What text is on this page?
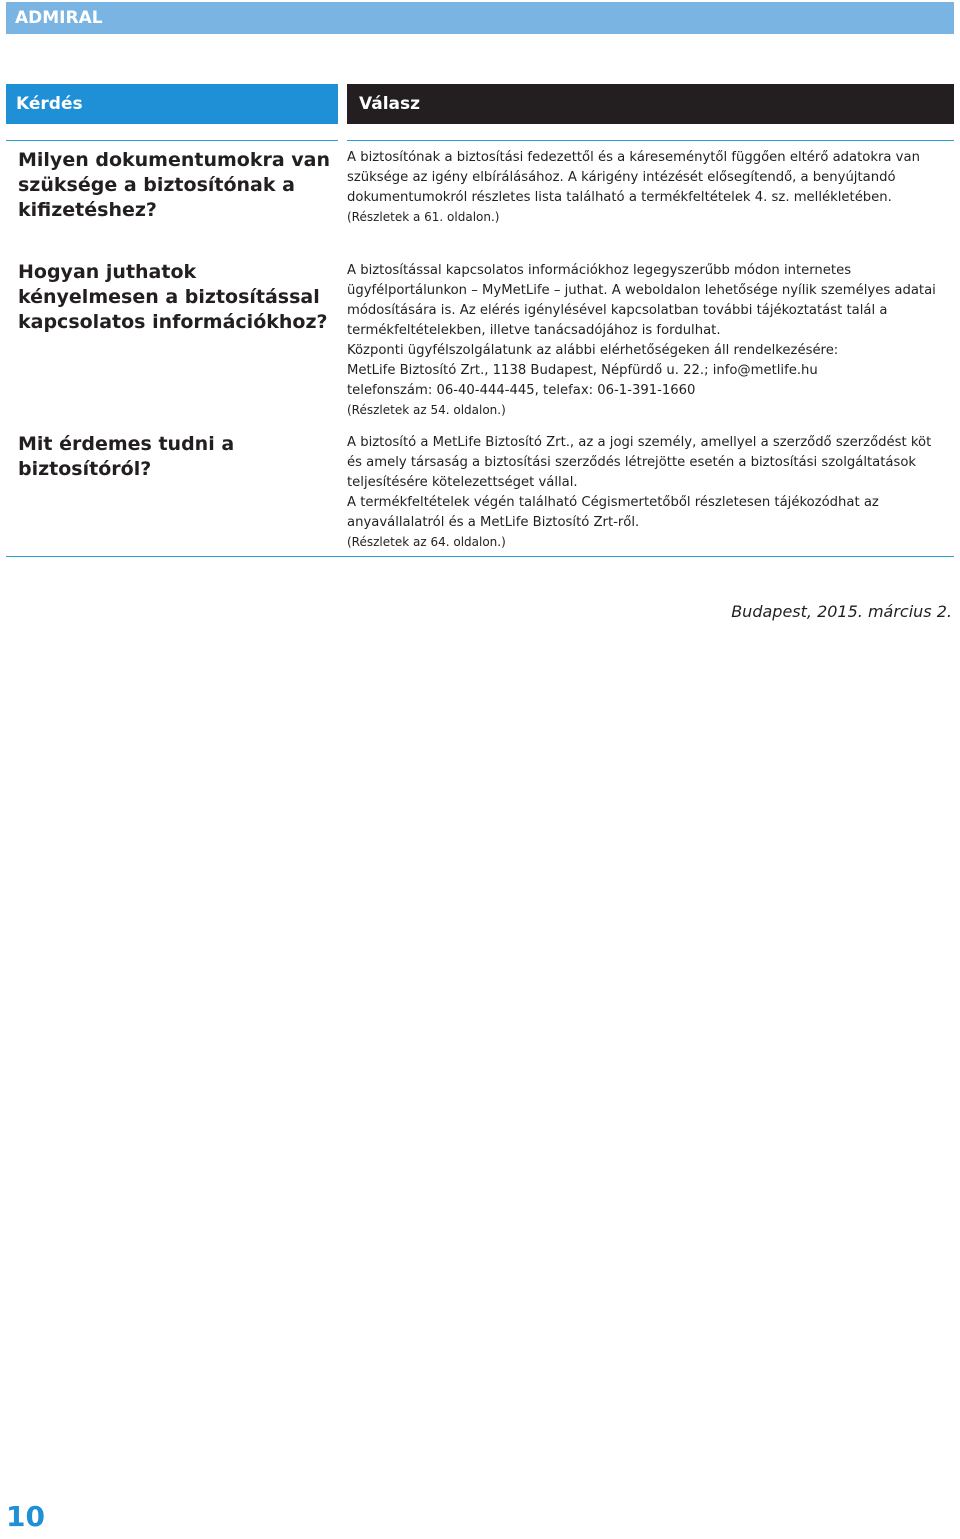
ADMIRAL
Kérdés	Válasz
Milyen dokumentumokra van szüksége a biztosítónak a kifizetéshez?

A biztosítónak a biztosítási fedezettől és a káreseménytől függően eltérő adatokra van szüksége az igény elbírálásához. A kárigény intézését elősegítendő, a benyújtandó dokumentumokról részletes lista található a termékfeltételek 4. sz. mellékletében.

(Részletek a 61. oldalon.)

Hogyan juthatok kényelmesen a biztosítással kapcsolatos információkhoz?

A biztosítással kapcsolatos információkhoz legegyszerűbb módon internetes ügyfélportálunkon – MyMetLife – juthat. A weboldalon lehetősége nyílik személyes adatai módosítására is. Az elérés igénylésével kapcsolatban további tájékoztatást talál a termékfeltételekben, illetve tanácsadójához is fordulhat.

Központi ügyfélszolgálatunk az alábbi elérhetőségeken áll rendelkezésére:

MetLife Biztosító Zrt., 1138 Budapest, Népfürdő u. 22.; info@metlife.hu

telefonszám: 06-40-444-445, telefax: 06-1-391-1660

(Részletek az 54. oldalon.)

Mit érdemes tudni a biztosítóról?

A biztosító a MetLife Biztosító Zrt., az a jogi személy, amellyel a szerződő szerződést köt és amely társaság a biztosítási szerződés létrejötte esetén a biztosítási szolgáltatások teljesítésére kötelezettséget vállal.

A termékfeltételek végén található Cégismertetőből részletesen tájékozódhat az anyavállalatról és a MetLife Biztosító Zrt-ről.

(Részletek az 64. oldalon.)

Budapest, 2015. március 2.
10
